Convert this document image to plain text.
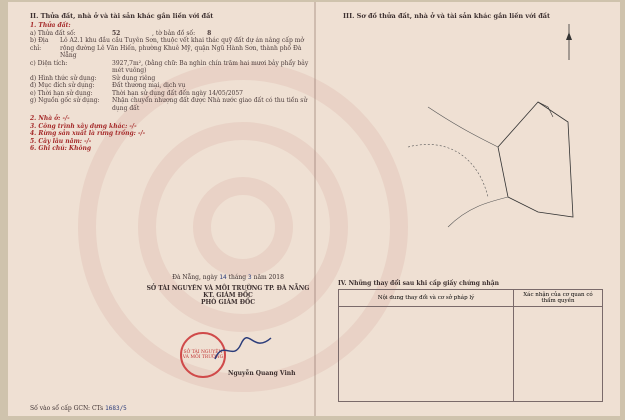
II. Thửa đất, nhà ở và tài sản khác gắn liền với đất
1. Thửa đất:
a) Thửa đất số:	52	, tờ bản đồ số: 8
b) Địa chỉ:
Lô A2.1 khu đầu cầu Tuyên Sơn, thuộc vết khai thác quỹ đất dự án nâng cấp mở rộng đường Lê Văn Hiến, phường Khuê Mỹ, quận Ngũ Hành Sơn, thành phố Đà Nẵng
c) Diện tích:	3927,7m², (bằng chữ: Ba nghìn chín trăm hai mươi bảy phẩy bảy mét vuông)
d) Hình thức sử dụng:	Sử dụng riêng
đ) Mục đích sử dụng:	Đất thương mại, dịch vụ
e) Thời hạn sử dụng:	Thời hạn sử dụng đất đến ngày 14/05/2057
g) Nguồn gốc sử dụng:	Nhận chuyển nhượng đất được Nhà nước giao đất có thu tiền sử dụng đất
2. Nhà ở: -/-
3. Công trình xây dựng khác: -/-
4. Rừng sản xuất là rừng trồng: -/-
5. Cây lâu năm: -/-
6. Ghi chú: Không
Đà Nẵng, ngày 14 tháng 3 năm 2018
SỞ TÀI NGUYÊN VÀ MÔI TRƯỜNG TP. ĐÀ NẴNG
KT. GIÁM ĐỐC
PHÓ GIÁM ĐỐC
SỞ TÀI NGUYÊN VÀ MÔI TRƯỜNG
Nguyễn Quang Vinh
Số vào sổ cấp GCN: CTs 1683/5
III. Sơ đồ thửa đất, nhà ở và tài sản khác gắn liền với đất
IV. Những thay đổi sau khi cấp giấy chứng nhận
Nội dung thay đổi và cơ sở pháp lý	Xác nhận của cơ quan có thẩm quyền
